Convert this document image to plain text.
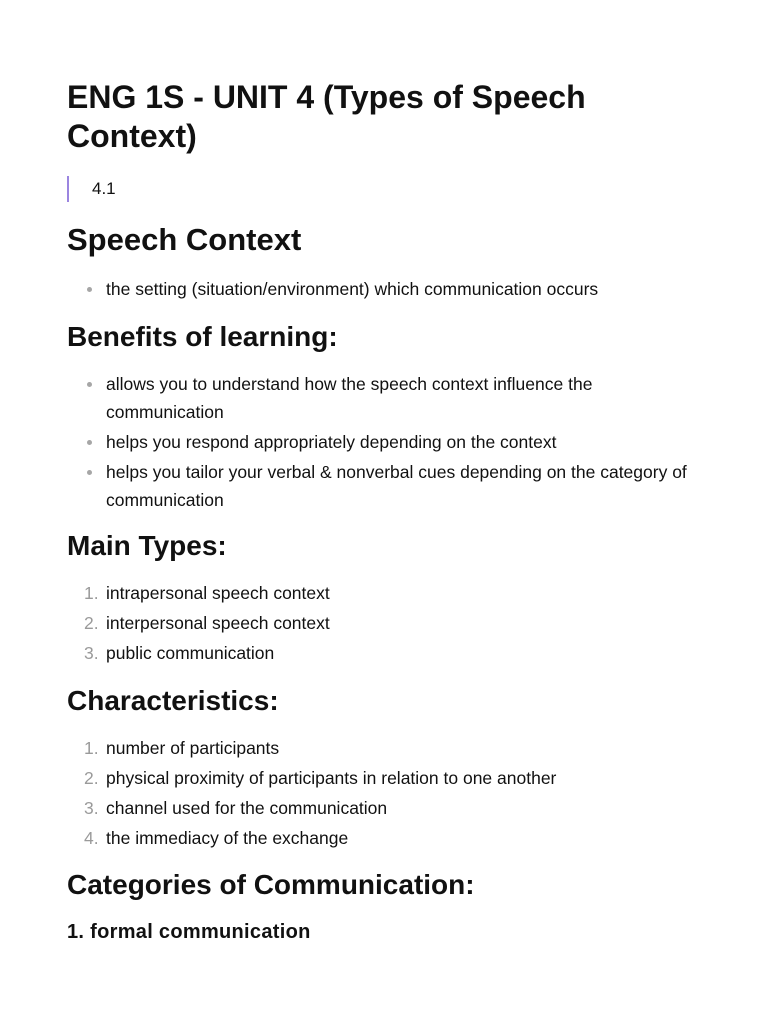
ENG 1S - UNIT 4 (Types of Speech Context)
4.1
Speech Context
the setting (situation/environment) which communication occurs
Benefits of learning:
allows you to understand how the speech context influence the communication
helps you respond appropriately depending on the context
helps you tailor your verbal & nonverbal cues depending on the category of communication
Main Types:
1. intrapersonal speech context
2. interpersonal speech context
3. public communication
Characteristics:
1. number of participants
2. physical proximity of participants in relation to one another
3. channel used for the communication
4. the immediacy of the exchange
Categories of Communication:
1. formal communication
